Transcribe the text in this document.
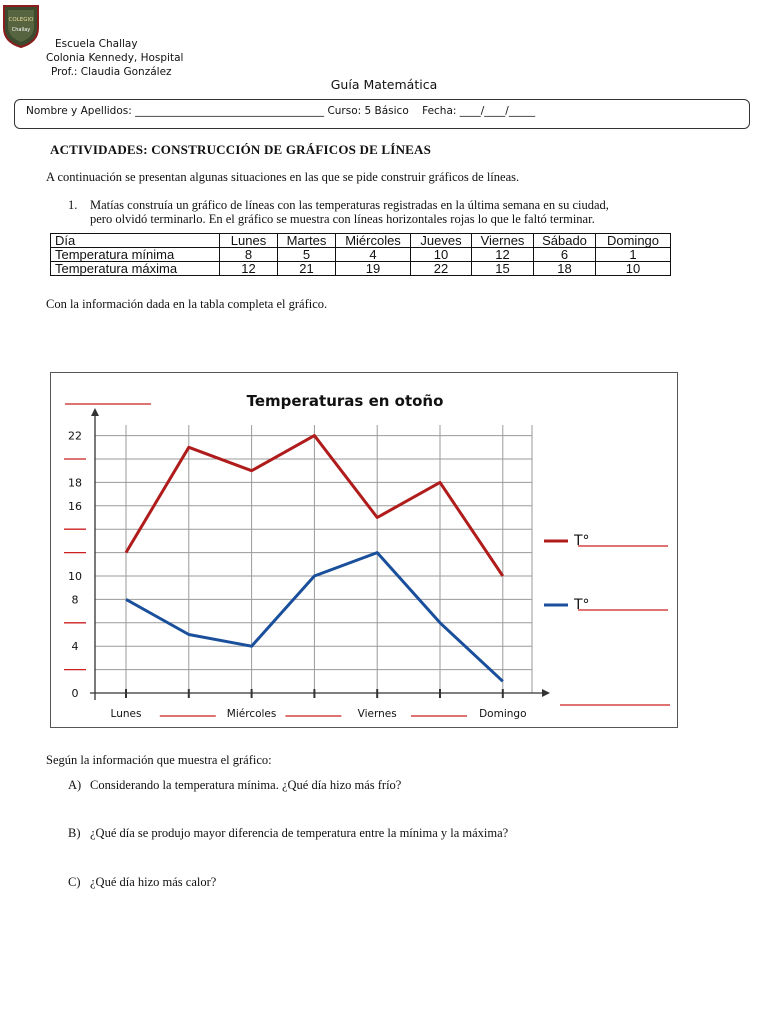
COLEGIO
Challay
Escuela Challay
Colonia Kennedy, Hospital
Prof.: Claudia González
Guía Matemática
Nombre y Apellidos: ____________________________________ Curso: 5 Básico    Fecha: ____/____/_____
ACTIVIDADES: CONSTRUCCIÓN DE GRÁFICOS DE LÍNEAS
A continuación se presentan algunas situaciones en las que se pide construir gráficos de líneas.
1. Matías construía un gráfico de líneas con las temperaturas registradas en la última semana en su ciudad,
pero olvidó terminarlo. En el gráfico se muestra con líneas horizontales rojas lo que le faltó terminar.
Día	Lunes	Martes	Miércoles	Jueves	Viernes	Sábado	Domingo
Temperatura mínima	8	5	4	10	12	6	1
Temperatura máxima	12	21	19	22	15	18	10
Con la información dada en la tabla completa el gráfico.
Temperaturas en otoño
0
4
8
10
16
18
22
Lunes	Miércoles	Viernes	Domingo
T°
T°
Según la información que muestra el gráfico:
A) Considerando la temperatura mínima. ¿Qué día hizo más frío?
B) ¿Qué día se produjo mayor diferencia de temperatura entre la mínima y la máxima?
C) ¿Qué día hizo más calor?
